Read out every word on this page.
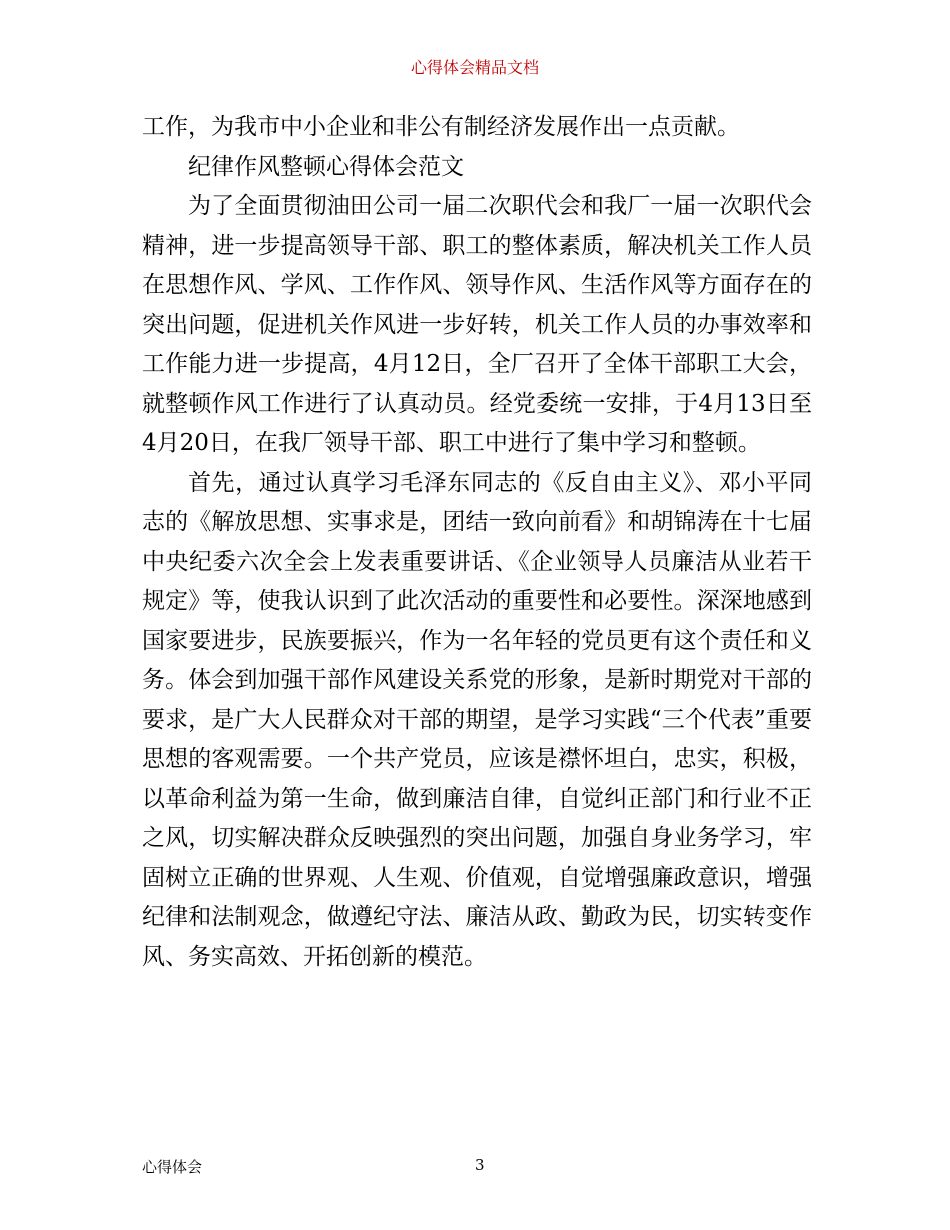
心得体会精品文档

工作，为我市中小企业和非公有制经济发展作出一点贡献。

纪律作风整顿心得体会范文

为了全面贯彻油田公司一届二次职代会和我厂一届一次职代会精神，进一步提高领导干部、职工的整体素质，解决机关工作人员在思想作风、学风、工作作风、领导作风、生活作风等方面存在的突出问题，促进机关作风进一步好转，机关工作人员的办事效率和工作能力进一步提高，4月12日，全厂召开了全体干部职工大会，就整顿作风工作进行了认真动员。经党委统一安排，于4月13日至4月20日，在我厂领导干部、职工中进行了集中学习和整顿。

首先，通过认真学习毛泽东同志的《反自由主义》、邓小平同志的《解放思想、实事求是，团结一致向前看》和胡锦涛在十七届中央纪委六次全会上发表重要讲话、《企业领导人员廉洁从业若干规定》等，使我认识到了此次活动的重要性和必要性。深深地感到国家要进步，民族要振兴，作为一名年轻的党员更有这个责任和义务。体会到加强干部作风建设关系党的形象，是新时期党对干部的要求，是广大人民群众对干部的期望，是学习实践“三个代表”重要思想的客观需要。一个共产党员，应该是襟怀坦白，忠实，积极，以革命利益为第一生命，做到廉洁自律，自觉纠正部门和行业不正之风，切实解决群众反映强烈的突出问题，加强自身业务学习，牢固树立正确的世界观、人生观、价值观，自觉增强廉政意识，增强纪律和法制观念，做遵纪守法、廉洁从政、勤政为民，切实转变作风、务实高效、开拓创新的模范。

心得体会	3
